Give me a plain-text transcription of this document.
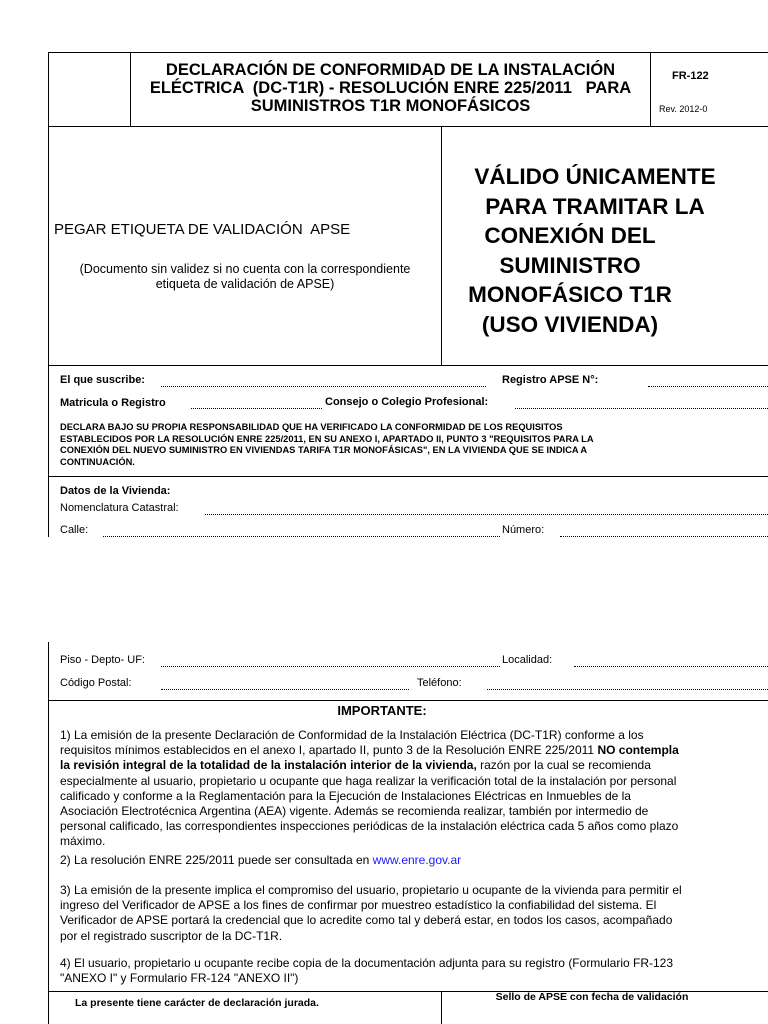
DECLARACIÓN DE CONFORMIDAD DE LA INSTALACIÓN
ELÉCTRICA  (DC-T1R) - RESOLUCIÓN ENRE 225/2011   PARA
SUMINISTROS T1R MONOFÁSICOS
FR-122
Rev. 2012-0
PEGAR ETIQUETA DE VALIDACIÓN  APSE
(Documento sin validez si no cuenta con la correspondiente
etiqueta de validación de APSE)
VÁLIDO ÚNICAMENTE
PARA TRAMITAR LA
CONEXIÓN DEL
SUMINISTRO
MONOFÁSICO T1R
(USO VIVIENDA)
El que suscribe:	Registro APSE N°:
Matricula o Registro	Consejo o Colegio Profesional:
DECLARA BAJO SU PROPIA RESPONSABILIDAD QUE HA VERIFICADO LA CONFORMIDAD DE LOS REQUISITOS
ESTABLECIDOS POR LA RESOLUCIÓN ENRE 225/2011, EN SU ANEXO I, APARTADO II, PUNTO 3 "REQUISITOS PARA LA
CONEXIÓN DEL NUEVO SUMINISTRO EN VIVIENDAS TARIFA T1R MONOFÁSICAS", EN LA VIVIENDA QUE SE INDICA A
CONTINUACIÓN.
Datos de la Vivienda:
Nomenclatura Catastral:
Calle:	Número:
Piso - Depto- UF:	Localidad:
Código Postal:	Teléfono:
IMPORTANTE:
1) La emisión de la presente Declaración de Conformidad de la Instalación Eléctrica (DC-T1R) conforme a los
requisitos mínimos establecidos en el anexo I, apartado II, punto 3 de la Resolución ENRE 225/2011 NO contempla
la revisión integral de la totalidad de la instalación interior de la vivienda, razón por la cual se recomienda
especialmente al usuario, propietario u ocupante que haga realizar la verificación total de la instalación por personal
calificado y conforme a la Reglamentación para la Ejecución de Instalaciones Eléctricas en Inmuebles de la
Asociación Electrotécnica Argentina (AEA) vigente. Además se recomienda realizar, también por intermedio de
personal calificado, las correspondientes inspecciones periódicas de la instalación eléctrica cada 5 años como plazo
máximo.
2) La resolución ENRE 225/2011 puede ser consultada en www.enre.gov.ar
3) La emisión de la presente implica el compromiso del usuario, propietario u ocupante de la vivienda para permitir el
ingreso del Verificador de APSE a los fines de confirmar por muestreo estadístico la confiabilidad del sistema. El
Verificador de APSE portará la credencial que lo acredite como tal y deberá estar, en todos los casos, acompañado
por el registrado suscriptor de la DC-T1R.
4) El usuario, propietario u ocupante recibe copia de la documentación adjunta para su registro (Formulario FR-123
"ANEXO I" y Formulario FR-124 "ANEXO II")
La presente tiene carácter de declaración jurada.	Sello de APSE con fecha de validación
